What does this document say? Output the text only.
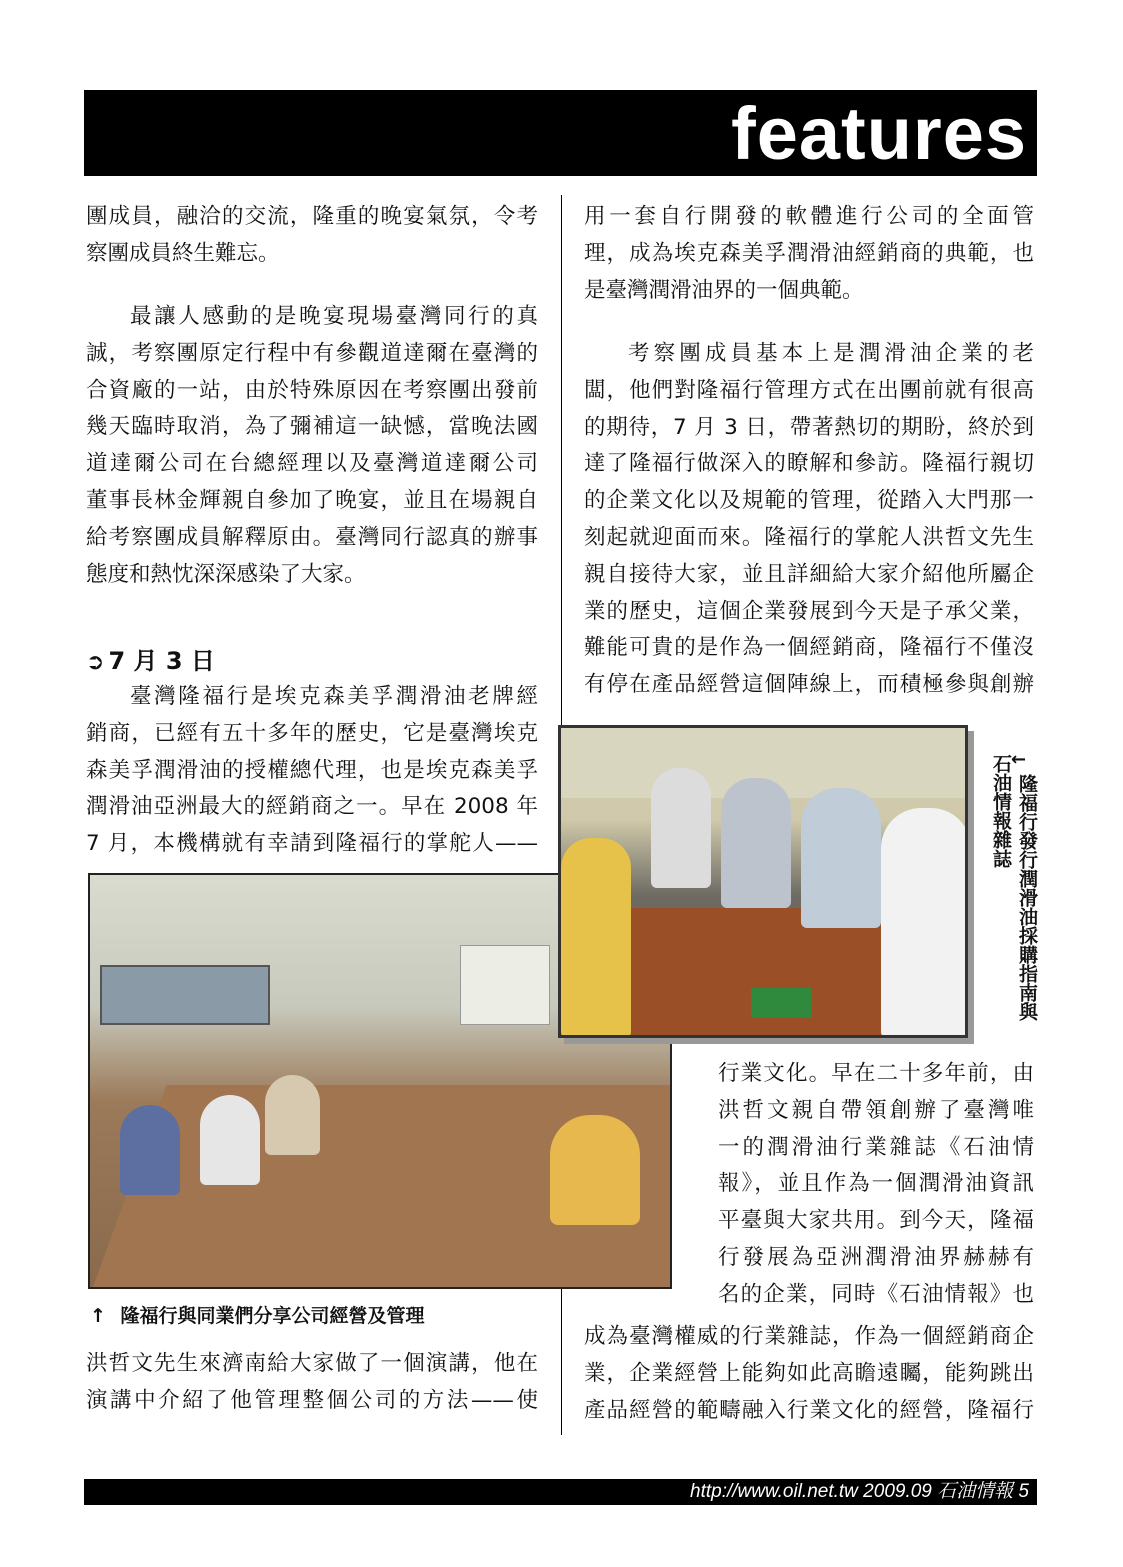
features
團成員，融洽的交流，隆重的晚宴氣氛，令考
察團成員終生難忘。
最讓人感動的是晚宴現場臺灣同行的真
誠，考察團原定行程中有參觀道達爾在臺灣的
合資廠的一站，由於特殊原因在考察團出發前
幾天臨時取消，為了彌補這一缺憾，當晚法國
道達爾公司在台總經理以及臺灣道達爾公司
董事長林金輝親自參加了晚宴，並且在場親自
給考察團成員解釋原由。臺灣同行認真的辦事
態度和熱忱深深感染了大家。
➲ 7 月 3 日
臺灣隆福行是埃克森美孚潤滑油老牌經
銷商，已經有五十多年的歷史，它是臺灣埃克
森美孚潤滑油的授權總代理，也是埃克森美孚
潤滑油亞洲最大的經銷商之一。早在 2008 年
7 月，本機構就有幸請到隆福行的掌舵人——
↑ 隆福行與同業們分享公司經營及管理
洪哲文先生來濟南給大家做了一個演講，他在
演講中介紹了他管理整個公司的方法——使
用一套自行開發的軟體進行公司的全面管
理，成為埃克森美孚潤滑油經銷商的典範，也
是臺灣潤滑油界的一個典範。
考察團成員基本上是潤滑油企業的老
闆，他們對隆福行管理方式在出團前就有很高
的期待，7 月 3 日，帶著熱切的期盼，終於到
達了隆福行做深入的瞭解和參訪。隆福行親切
的企業文化以及規範的管理，從踏入大門那一
刻起就迎面而來。隆福行的掌舵人洪哲文先生
親自接待大家，並且詳細給大家介紹他所屬企
業的歷史，這個企業發展到今天是子承父業，
難能可貴的是作為一個經銷商，隆福行不僅沒
有停在產品經營這個陣線上，而積極參與創辦
←
隆福行發行潤滑油採購指南與
石油情報雜誌
行業文化。早在二十多年前，由
洪哲文親自帶領創辦了臺灣唯
一的潤滑油行業雜誌《石油情
報》，並且作為一個潤滑油資訊
平臺與大家共用。到今天，隆福
行發展為亞洲潤滑油界赫赫有
名的企業，同時《石油情報》也
成為臺灣權威的行業雜誌，作為一個經銷商企
業，企業經營上能夠如此高瞻遠矚，能夠跳出
產品經營的範疇融入行業文化的經營，隆福行
http://www.oil.net.tw 2009.09 石油情報 5
